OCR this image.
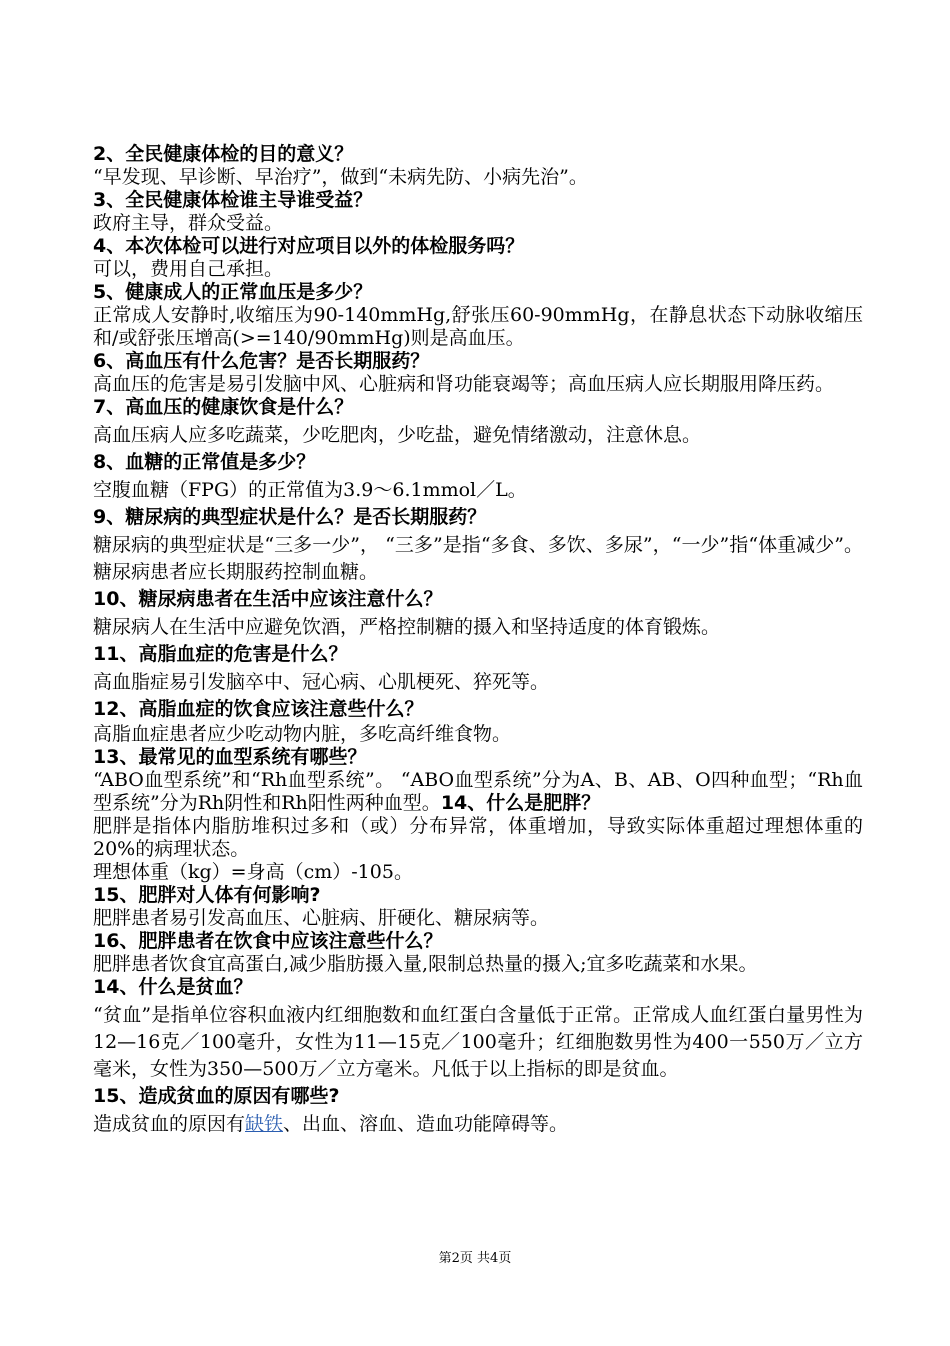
2、全民健康体检的目的意义？

“早发现、早诊断、早治疗”，做到“未病先防、小病先治”。

3、全民健康体检谁主导谁受益？

政府主导，群众受益。

4、本次体检可以进行对应项目以外的体检服务吗？

可以，费用自己承担。

5、健康成人的正常血压是多少？

正常成人安静时,收缩压为90-140mmHg,舒张压60-90mmHg，在静息状态下动脉收缩压和/或舒张压增高(>=140/90mmHg)则是高血压。

6、高血压有什么危害？是否长期服药？

高血压的危害是易引发脑中风、心脏病和肾功能衰竭等；高血压病人应长期服用降压药。

7、高血压的健康饮食是什么？

高血压病人应多吃蔬菜，少吃肥肉，少吃盐，避免情绪激动，注意休息。

8、血糖的正常值是多少？

空腹血糖（FPG）的正常值为3.9～6.1mmol／L。

9、糖尿病的典型症状是什么？是否长期服药？

糖尿病的典型症状是“三多一少”， “三多”是指“多食、多饮、多尿”，“一少”指“体重减少”。糖尿病患者应长期服药控制血糖。

10、糖尿病患者在生活中应该注意什么？

糖尿病人在生活中应避免饮酒，严格控制糖的摄入和坚持适度的体育锻炼。

11、高脂血症的危害是什么？

高血脂症易引发脑卒中、冠心病、心肌梗死、猝死等。

12、高脂血症的饮食应该注意些什么？

高脂血症患者应少吃动物内脏，多吃高纤维食物。

13、最常见的血型系统有哪些？

“ABO血型系统”和“Rh血型系统”。 “ABO血型系统”分为A、B、AB、O四种血型；“Rh血型系统”分为Rh阴性和Rh阳性两种血型。14、什么是肥胖？

肥胖是指体内脂肪堆积过多和（或）分布异常，体重增加，导致实际体重超过理想体重的20%的病理状态。

理想体重（kg）=身高（cm）-105。

15、肥胖对人体有何影响?

肥胖患者易引发高血压、心脏病、肝硬化、糖尿病等。

16、肥胖患者在饮食中应该注意些什么？

肥胖患者饮食宜高蛋白,减少脂肪摄入量,限制总热量的摄入;宜多吃蔬菜和水果。

14、什么是贫血？

“贫血”是指单位容积血液内红细胞数和血红蛋白含量低于正常。正常成人血红蛋白量男性为12—16克／100毫升，女性为11—15克／100毫升；红细胞数男性为400一550万／立方毫米，女性为350—500万／立方毫米。凡低于以上指标的即是贫血。

15、造成贫血的原因有哪些?

造成贫血的原因有缺铁、出血、溶血、造血功能障碍等。

第2页 共4页
